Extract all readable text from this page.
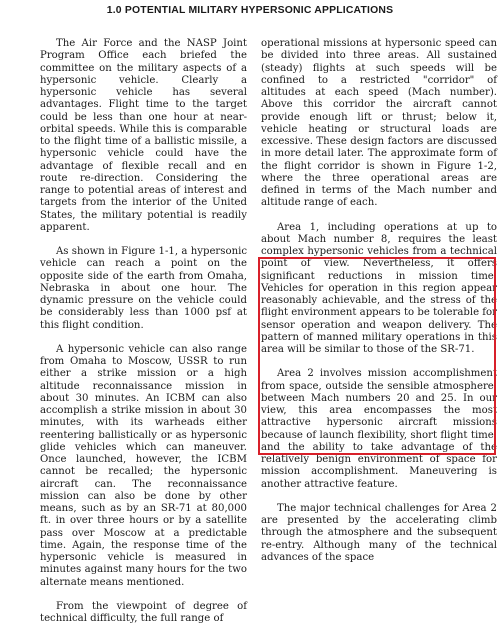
1.0 POTENTIAL MILITARY HYPERSONIC APPLICATIONS

The Air Force and the NASP Joint Program Office each briefed the committee on the military aspects of a hypersonic vehicle. Clearly a hypersonic vehicle has several advantages. Flight time to the target could be less than one hour at near-orbital speeds. While this is comparable to the flight time of a ballistic missile, a hypersonic vehicle could have the advantage of flexible recall and en route re-direction. Considering the range to potential areas of interest and targets from the interior of the United States, the military potential is readily apparent.

As shown in Figure 1-1, a hypersonic vehicle can reach a point on the opposite side of the earth from Omaha, Nebraska in about one hour. The dynamic pressure on the vehicle could be considerably less than 1000 psf at this flight condition.

A hypersonic vehicle can also range from Omaha to Moscow, USSR to run either a strike mission or a high altitude reconnaissance mission in about 30 minutes. An ICBM can also accomplish a strike mission in about 30 minutes, with its warheads either reentering ballistically or as hypersonic glide vehicles which can maneuver. Once launched, however, the ICBM cannot be recalled; the hypersonic aircraft can. The reconnaissance mission can also be done by other means, such as by an SR-71 at 80,000 ft. in over three hours or by a satellite pass over Moscow at a predictable time. Again, the response time of the hypersonic vehicle is measured in minutes against many hours for the two alternate means mentioned.

From the viewpoint of degree of technical difficulty, the full range of

operational missions at hypersonic speed can be divided into three areas. All sustained (steady) flights at such speeds will be confined to a restricted "corridor" of altitudes at each speed (Mach number). Above this corridor the aircraft cannot provide enough lift or thrust; below it, vehicle heating or structural loads are excessive. These design factors are discussed in more detail later. The approximate form of the flight corridor is shown in Figure 1-2, where the three operational areas are defined in terms of the Mach number and altitude range of each.

Area 1, including operations at up to about Mach number 8, requires the least complex hypersonic vehicles from a technical point of view. Nevertheless, it offers significant reductions in mission time. Vehicles for operation in this region appear reasonably achievable, and the stress of the flight environment appears to be tolerable for sensor operation and weapon delivery. The pattern of manned military operations in this area will be similar to those of the SR-71.

Area 2 involves mission accomplishment from space, outside the sensible atmosphere, between Mach numbers 20 and 25. In our view, this area encompasses the most attractive hypersonic aircraft missions because of launch flexibility, short flight time, and the ability to take advantage of the relatively benign environment of space for mission accomplishment. Maneuvering is another attractive feature.

The major technical challenges for Area 2 are presented by the accelerating climb through the atmosphere and the subsequent re-entry. Although many of the technical advances of the space
